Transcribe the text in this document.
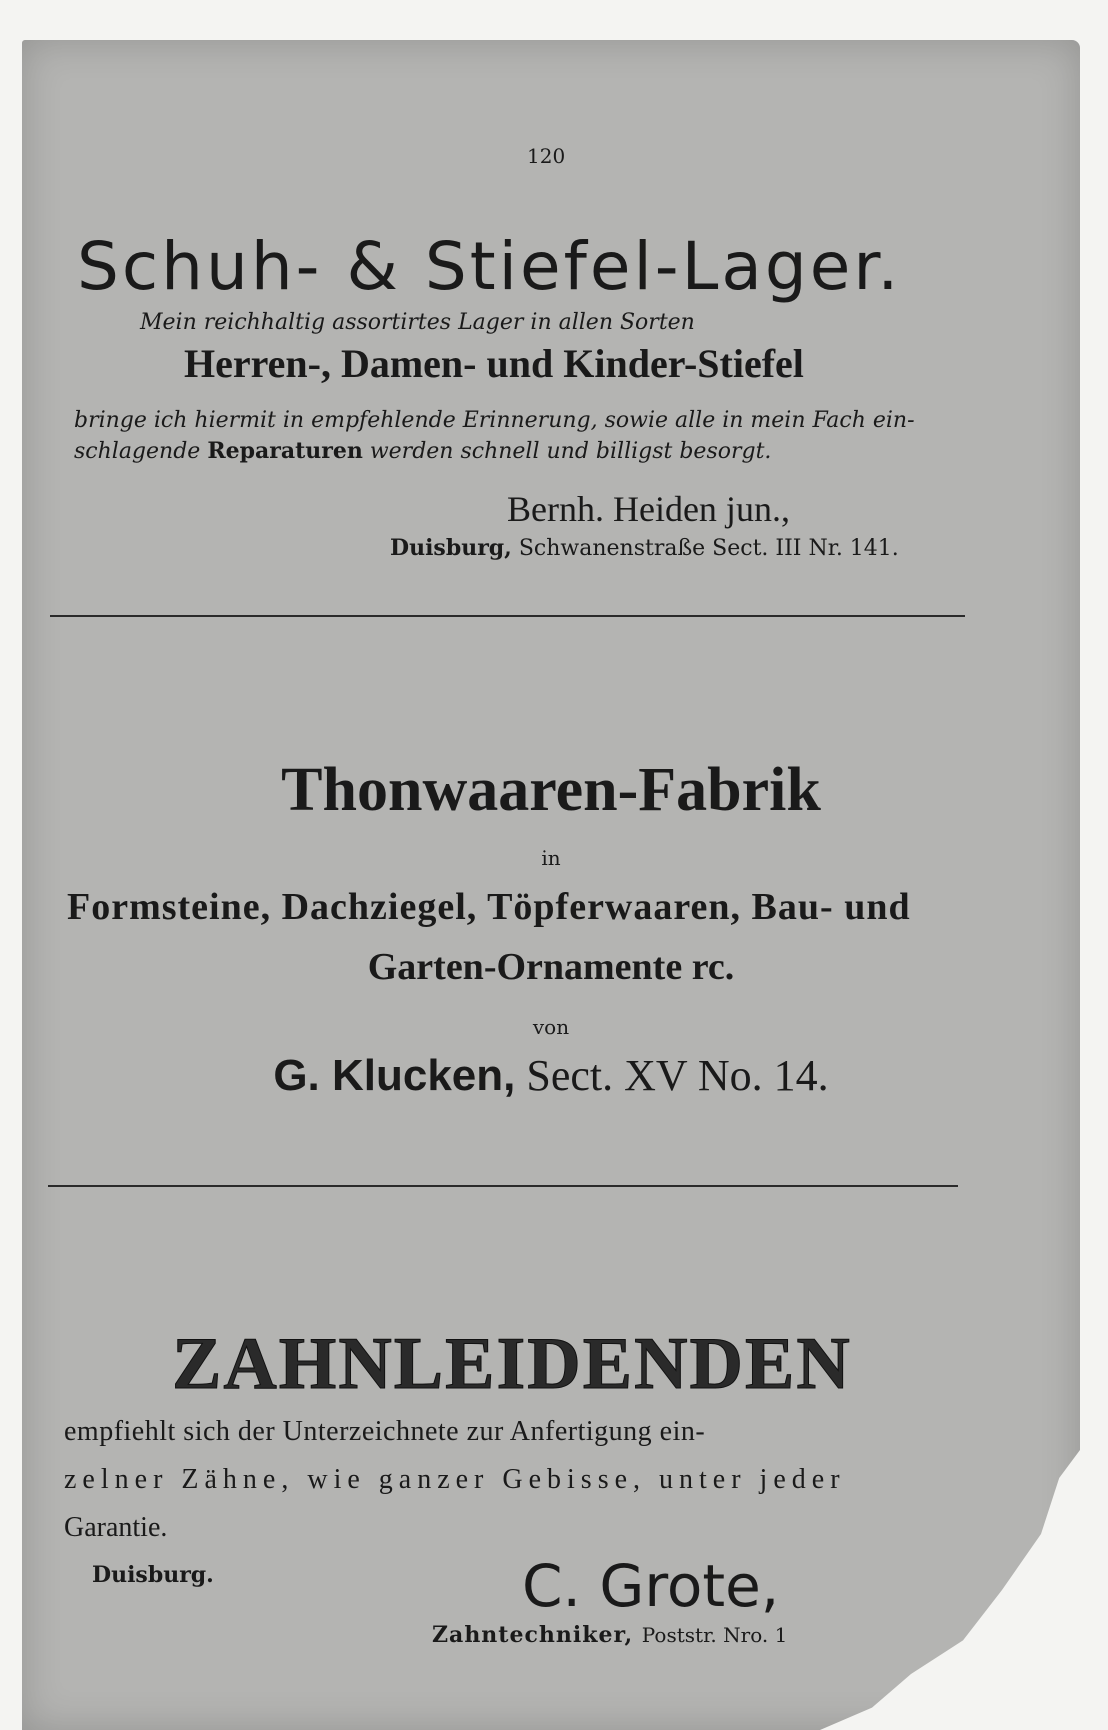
120
Schuh- & Stiefel-Lager.
Mein reichhaltig assortirtes Lager in allen Sorten
Herren-, Damen- und Kinder-Stiefel
bringe ich hiermit in empfehlende Erinnerung, sowie alle in mein Fach ein-
schlagende Reparaturen werden schnell und billigst besorgt.
Bernh. Heiden jun.,
Duisburg, Schwanenstraße Sect. III Nr. 141.
Thonwaaren-Fabrik
in
Formsteine, Dachziegel, Töpferwaaren, Bau- und
Garten-Ornamente rc.
von
G. Klucken, Sect. XV No. 14.
ZAHNLEIDENDEN
empfiehlt sich der Unterzeichnete zur Anfertigung ein-
zelner Zähne, wie ganzer Gebisse, unter jeder
Garantie.
Duisburg.	C. Grote,
Zahntechniker, Poststr. Nro. 1
